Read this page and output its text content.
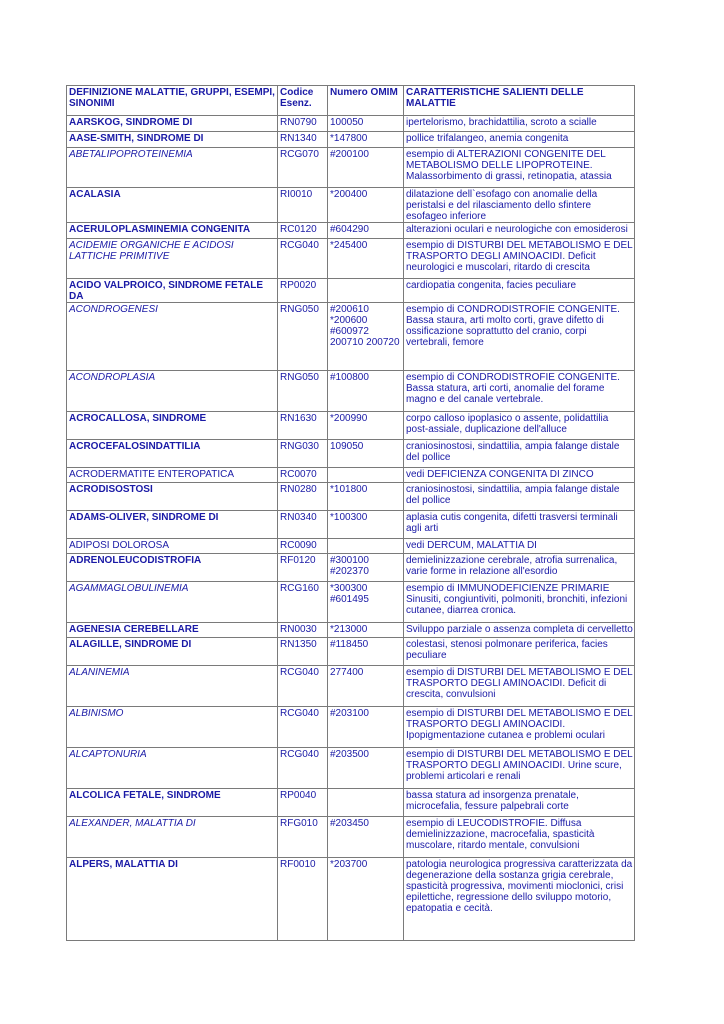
DEFINIZIONE MALATTIE, GRUPPI, ESEMPI, SINONIMI	Codice Esenz.	Numero OMIM	CARATTERISTICHE SALIENTI DELLE MALATTIE
AARSKOG, SINDROME DI	RN0790	100050	ipertelorismo, brachidattilia, scroto a scialle
AASE-SMITH, SINDROME DI	RN1340	*147800	pollice trifalangeo, anemia congenita
ABETALIPOPROTEINEMIA	RCG070	#200100	esempio di ALTERAZIONI CONGENITE DEL METABOLISMO DELLE LIPOPROTEINE. Malassorbimento di grassi, retinopatia, atassia
ACALASIA	RI0010	*200400	dilatazione dell`esofago con anomalie della peristalsi e del rilasciamento dello sfintere esofageo inferiore
ACERULOPLASMINEMIA CONGENITA	RC0120	#604290	alterazioni oculari e neurologiche con emosiderosi
ACIDEMIE ORGANICHE E ACIDOSI LATTICHE PRIMITIVE	RCG040	*245400	esempio di DISTURBI DEL METABOLISMO E DEL TRASPORTO DEGLI AMINOACIDI. Deficit neurologici e muscolari, ritardo di crescita
ACIDO VALPROICO, SINDROME FETALE DA	RP0020		cardiopatia congenita, facies peculiare
ACONDROGENESI	RNG050	#200610 *200600 #600972 200710 200720	esempio di CONDRODISTROFIE CONGENITE. Bassa staura, arti molto corti, grave difetto di ossificazione soprattutto del cranio, corpi vertebrali, femore
ACONDROPLASIA	RNG050	#100800	esempio di CONDRODISTROFIE CONGENITE. Bassa statura, arti corti, anomalie del forame magno e del canale vertebrale.
ACROCALLOSA, SINDROME	RN1630	*200990	corpo calloso ipoplasico o assente, polidattilia post-assiale, duplicazione dell'alluce
ACROCEFALOSINDATTILIA	RNG030	109050	craniosinostosi, sindattilia, ampia falange distale del pollice
ACRODERMATITE ENTEROPATICA	RC0070		vedi DEFICIENZA CONGENITA DI ZINCO
ACRODISOSTOSI	RN0280	*101800	craniosinostosi, sindattilia, ampia falange distale del pollice
ADAMS-OLIVER, SINDROME DI	RN0340	*100300	aplasia cutis congenita, difetti trasversi terminali agli arti
ADIPOSI DOLOROSA	RC0090		vedi DERCUM, MALATTIA DI
ADRENOLEUCODISTROFIA	RF0120	#300100 #202370	demielinizzazione cerebrale, atrofia surrenalica, varie forme in relazione all'esordio
AGAMMAGLOBULINEMIA	RCG160	*300300 #601495	esempio di IMMUNODEFICIENZE PRIMARIE Sinusiti, congiuntiviti, polmoniti, bronchiti, infezioni cutanee, diarrea cronica.
AGENESIA CEREBELLARE	RN0030	*213000	Sviluppo parziale o assenza completa di cervelletto
ALAGILLE, SINDROME DI	RN1350	#118450	colestasi, stenosi polmonare periferica, facies peculiare
ALANINEMIA	RCG040	277400	esempio di DISTURBI DEL METABOLISMO E DEL TRASPORTO DEGLI AMINOACIDI. Deficit di crescita, convulsioni
ALBINISMO	RCG040	#203100	esempio di DISTURBI DEL METABOLISMO E DEL TRASPORTO DEGLI AMINOACIDI. Ipopigmentazione cutanea e problemi oculari
ALCAPTONURIA	RCG040	#203500	esempio di DISTURBI DEL METABOLISMO E DEL TRASPORTO DEGLI AMINOACIDI. Urine scure, problemi articolari e renali
ALCOLICA FETALE, SINDROME	RP0040		bassa statura ad insorgenza prenatale, microcefalia, fessure palpebrali corte
ALEXANDER, MALATTIA DI	RFG010	#203450	esempio di LEUCODISTROFIE. Diffusa demielinizzazione, macrocefalia, spasticità muscolare, ritardo mentale, convulsioni
ALPERS, MALATTIA DI	RF0010	*203700	patologia neurologica progressiva caratterizzata da degenerazione della sostanza grigia cerebrale, spasticità progressiva, movimenti mioclonici, crisi epilettiche, regressione dello sviluppo motorio, epatopatia e cecità.
